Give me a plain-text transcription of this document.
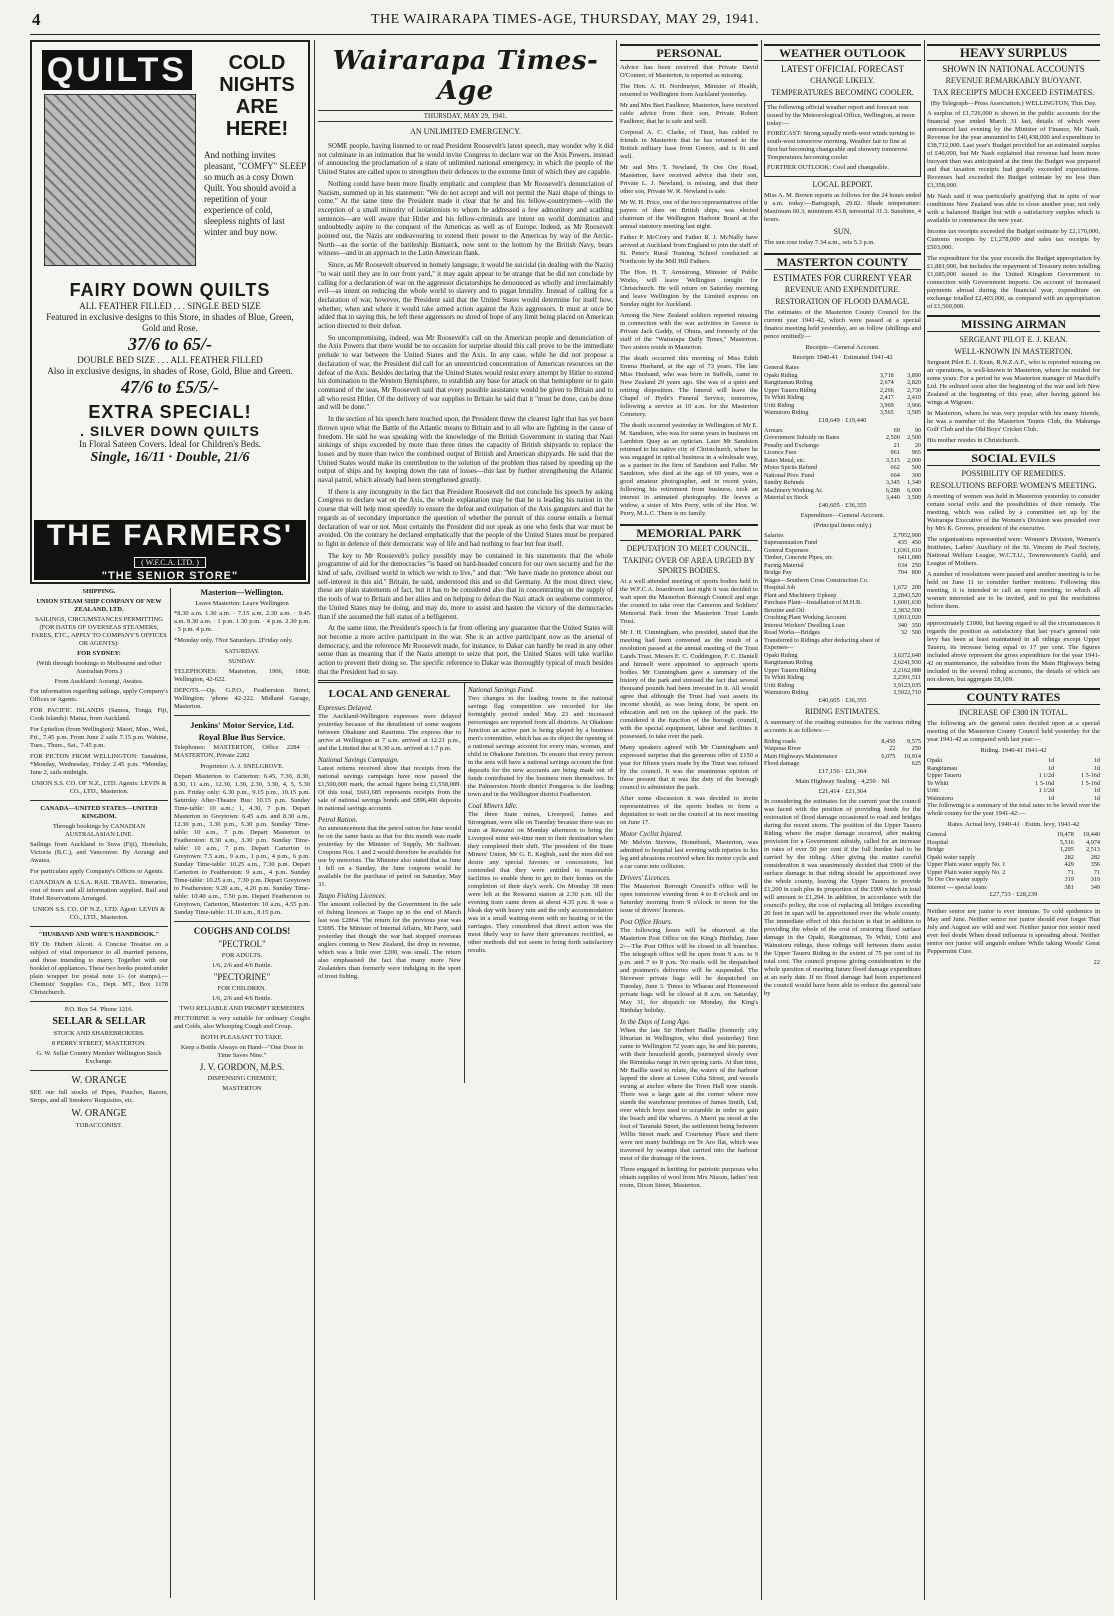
4	THE WAIRARAPA TIMES-AGE, THURSDAY, MAY 29, 1941.
QUILTS	COLD NIGHTS ARE HERE!
And nothing invites pleasant, "COMFY" SLEEP so much as a cosy Down Quilt. You should avoid a repetition of your experience of cold, sleepless nights of last winter and buy now.
FAIRY DOWN QUILTS
ALL FEATHER FILLED . . . SINGLE BED SIZE
Featured in exclusive designs to this Store, in shades of Blue, Green, Gold and Rose.
37/6 to 65/-
DOUBLE BED SIZE . . . ALL FEATHER FILLED
Also in exclusive designs, in shades of Rose, Gold, Blue and Green.
47/6 to £5/5/-
EXTRA SPECIAL!
. SILVER DOWN QUILTS
In Floral Sateen Covers. Ideal for Children's Beds.
Single, 16/11 · Double, 21/6
THE FARMERS'
( W.F.C.A. LTD. )
"THE SENIOR STORE"
SHIPPING.
UNION STEAM SHIP COMPANY OF NEW ZEALAND, LTD.

SAILINGS, CIRCUMSTANCES PERMITTING (FOR DATES OF OVERSEAS STEAMERS, FARES, ETC., APPLY TO COMPANY'S OFFICES OR AGENTS):

FOR SYDNEY:

(With through bookings to Melbourne and other Australian Ports.)

From Auckland: Aorangi, Awatea.

For information regarding sailings, apply Company's Offices or Agents.

FOR PACIFIC ISLANDS (Samoa, Tonga, Fiji, Cook Islands): Matua, from Auckland.

For Lyttelton (from Wellington): Maori, Mon., Wed., Fri., 7.45 p.m. From June 2 sails 7.15 p.m. Wahine, Tues., Thurs., Sat., 7.45 p.m.

FOR PICTON FROM WELLINGTON: Tamahine, *Monday, Wednesday, Friday 2.45 p.m. *Monday, June 2, sails midnight.

UNION S.S. CO. OF N.Z., LTD. Agents: LEVIN & CO., LTD., Masterton.

CANADA—UNITED STATES—UNITED KINGDOM.

Through bookings by CANADIAN AUSTRALASIAN LINE.

Sailings from Auckland to Suva (Fiji), Honolulu, Victoria (B.C.), and Vancouver. By Aorangi and Awatea.

For particulars apply Company's Offices or Agents.

CANADIAN & U.S.A. RAIL TRAVEL. Itineraries, cost of tours and all information supplied. Rail and Hotel Reservations Arranged.

UNION S.S. CO. OF N.Z., LTD. Agent: LEVIN & CO., LTD., Masterton.

"HUSBAND AND WIFE'S HANDBOOK."

BY Dr. Hubert Alcott. A Concise Treatise on a subject of vital importance to all married persons, and those intending to marry. Together with our booklet of appliances. These two books posted under plain wrapper for postal note 1/- (or stamps).—Chemists' Supplies Co., Dept. MT., Box 1178 Christchurch.

P.O. Box 54. 'Phone 1216.

SELLAR & SELLAR

STOCK AND SHAREBROKERS.

8 PERRY STREET, MASTERTON.

G. W. Sellar Country Member Wellington Stock Exchange.

W. ORANGE

SEE our full stocks of Pipes, Pouches, Razors, Strops, and all Smokers' Requisites, etc.

W. ORANGE

TOBACCONIST.

Masterton—Wellington.

Leave Masterton: Leave Wellington

*8.30 a.m. 1.30 a.m. · 7.15 a.m. 2.30 a.m. · 9.45 a.m. 8.30 a.m. · 1 p.m. 1.30 p.m. · 4 p.m. 2.30 p.m. · 5 p.m. 4 p.m.

*Monday only. †Not Saturdays. ‡Friday only.

SATURDAY.

SUNDAY.

TELEPHONES: Masterton, 1906, 1868; Wellington, 42-622.

DEPOTS.—Op. G.P.O., Featherston Street, Wellington; 'phone 42-222. Midland Garage, Masterton.

Jenkins' Motor Service, Ltd.
Royal Blue Bus Service.

Telephones: MASTERTON, Office 2284 · MASTERTON, Private 2282

Proprietor: A. J. SNELGROVE.

Depart Masterton to Carterton: 6.45, 7.30, 8.30, 8.30, 11 a.m., 12.30, 1.30, 2.30, 3.30, 4, 5, 5.30 p.m. Friday only: 6.30 p.m., 9.15 p.m., 10.15 p.m. Saturday After-Theatre Bus: 10.15 p.m. Sunday Time-table: 10 a.m.; 1, 4.30, 7 p.m. Depart Masterton to Greytown: 6.45 a.m. and 8.30 a.m., 12.30 p.m., 3.30 p.m., 5.30 p.m. Sunday Time-table: 10 a.m., 7 p.m. Depart Masterton to Featherston: 8.30 a.m., 3.30 p.m. Sunday Time-table: 10 a.m., 7 p.m. Depart Carterton to Greytown: 7.5 a.m., 9 a.m., 1 p.m., 4 p.m., 6 p.m. Sunday Time-table: 10.25 a.m., 7.30 p.m. Depart Carterton to Featherston: 9 a.m., 4 p.m. Sunday Time-table: 10.25 a.m., 7.30 p.m. Depart Greytown to Featherston: 9.20 a.m., 4.20 p.m. Sunday Time-table: 10.40 a.m., 7.50 p.m. Depart Featherston to Greytown, Carterton, Masterton: 10 a.m., 4.55 p.m. Sunday Time-table: 11.10 a.m., 8.15 p.m.

COUGHS AND COLDS!
"PECTROL"

FOR ADULTS.

1/6, 2/6 and 4/6 Bottle.

"PECTORINE"

FOR CHILDREN.

1/6, 2/6 and 4/6 Bottle.

TWO RELIABLE AND PROMPT REMEDIES

PECTORINE is very suitable for ordinary Coughs and Colds, also Whooping Cough and Croup.

BOTH PLEASANT TO TAKE.

Keep a Bottle Always on Hand—"One Dose in Time Saves Nine."

J. V. GORDON, M.P.S.

DISPENSING CHEMIST,

MASTERTON

Wairarapa Times-Age
THURSDAY, MAY 29, 1941.
AN UNLIMITED EMERGENCY.

SOME people, having listened to or read President Roosevelt's latest speech, may wonder why it did not culminate in an intimation that he would invite Congress to declare war on the Axis Powers, instead of announcing the proclamation of a state of unlimited national emergency, in which the people of the United States are called upon to strengthen their defences to the extreme limit of which they are capable.

Nothing could have been more finally emphatic and complete than Mr Roosevelt's denunciation of Nazism, summed up in his statement: "We do not accept and will not permit the Nazi shape of things to come." At the same time the President made it clear that he and his fellow-countrymen—with the exception of a small minority of isolationists to whom he addressed a few admonitory and scathing sentences—are well aware that Hitler and his fellow-criminals are intent on world domination and undoubtedly aspire to the conquest of the Americas as well as of Europe. Indeed, as Mr Roosevelt pointed out, the Nazis are endeavouring to extend their power to the Americas by way of the Arctic-North—as the sortie of the battleship Bismarck, now sent to the bottom by the British Navy, bears witness—and in an approach to the Latin American flank.

Since, as Mr Roosevelt observed in homely language, it would be suicidal (in dealing with the Nazis) "to wait until they are in our front yard," it may again appear to be strange that he did not conclude by calling for a declaration of war on the aggressor dictatorships he denounced as wholly and irreclaimably evil—as intent on reducing the whole world to slavery and to pagan brutality. Instead of calling for a declaration of war, however, the President said that the United States would determine for itself how, whether, when and where it would take armed action against the Axis aggressors. It must at once be added that in saying this, he left these aggressors no shred of hope of any limit being placed on American action directed to their defeat.

So uncompromising, indeed, was Mr Roosevelt's call on the American people and denunciation of the Axis Powers that there would be no occasion for surprise should this call prove to be the immediate prelude to war between the United States and the Axis. In any case, while he did not propose a declaration of war, the President did call for an unrestricted concentration of American resources on the defeat of the Axis. Besides declaring that the United States would resist every attempt by Hitler to extend his domination to the Western Hemisphere, to establish any base for attack on that hemisphere or to gain command of the seas, Mr Roosevelt said that every possible assistance would be given to Britain and to all who resist Hitler. Of the delivery of war supplies to Britain he said that it "must be done, can be done and will be done."

In the section of his speech here touched upon, the President threw the clearest light that has yet been thrown upon what the Battle of the Atlantic means to Britain and to all who are fighting in the cause of freedom. He said he was speaking with the knowledge of the British Government in stating that Nazi sinkings of ships exceeded by more than three times the capacity of British shipyards to replace the losses and by more than twice the combined output of British and American shipyards. He said that the United States would make its contribution to the solution of the problem thus raised by speeding up the output of ships and by keeping down the rate of losses—this last by further strengthening the Atlantic naval patrol, which already had been strengthened greatly.

If there is any incongruity in the fact that President Roosevelt did not conclude his speech by asking Congress to declare war on the Axis, the whole explanation may be that he is leading his nation in the course that will help most speedily to ensure the defeat and extirpation of the Axis gangsters and that he regards as of secondary importance the question of whether the pursuit of this course entails a formal declaration of war or not. Most certainly the President did not speak as one who feels that war must be avoided. On the contrary he declared emphatically that the people of the United States must be prepared to fight in defence of their democratic way of life and had nothing to fear but fear itself.

The key to Mr Roosevelt's policy possibly may be contained in his statements that the whole programme of aid for the democracies "is based on hard-headed concern for our own security and for the kind of safe, civilised world in which we wish to live," and that: "We have made no pretence about our self-interest in this aid." Britain, he said, understood this and so did Germany. At the most direct view, these are plain statements of fact, but it has to be considered also that in concentrating on the supply of the tools of war to Britain and her allies and on helping to defeat the Nazi attack on seaborne commerce, the United States may be doing, and may do, more to assist and hasten the victory of the democracies than if she assumed the full status of a belligerent.

At the same time, the President's speech is far from offering any guarantee that the United States will not become a more active participant in the war. She is an active participant now as the arsenal of democracy, and the reference Mr Roosevelt made, for instance, to Dakar can hardly be read in any other sense than as meaning that if the Nazis attempt to seize that port, the United States will take warlike action to prevent their doing so. The specific reference to Dakar was thoroughly typical of much besides that the President had to say.

LOCAL AND GENERAL
Expresses Delayed.

The Auckland-Wellington expresses were delayed yesterday because of the derailment of some wagons between Ohakune and Raurimu. The express due to arrive at Wellington at 7 a.m. arrived at 12.21 p.m., and the Limited due at 9.30 a.m. arrived at 1.7 p.m.

National Savings Campaign.

Latest returns received show that receipts from the national savings campaign have now passed the £1,500,000 mark, the actual figure being £1,558,089. Of this total, £661,685 represents receipts from the sale of national savings bonds and £896,400 deposits in national savings accounts.

Petrol Ration.

An announcement that the petrol ration for June would be on the same basis as that for this month was made yesterday by the Minister of Supply, Mr Sullivan. Coupons Nos. 1 and 2 would therefore be available for use by motorists. The Minister also stated that as June 1 fell on a Sunday, the June coupons would be available for the purchase of petrol on Saturday, May 31.

Taupo Fishing Licences.

The amount collected by the Government in the sale of fishing licences at Taupo up to the end of March last was £2864. The return for the previous year was £3095. The Minister of Internal Affairs, Mr Parry, said yesterday that though the war had stopped overseas anglers coming to New Zealand, the drop in revenue, which was a little over £200, was small. The return also emphasised the fact that many more New Zealanders than formerly were indulging in the sport of trout fishing.

National Savings Fund.

Two changes in the leading towns in the national savings flag competition are recorded for the fortnightly period ended May 23 and increased percentages are reported from all districts. At Ohakune Junction an active part is being played by a business men's committee, which has as its object the opening of a national savings account for every man, woman, and child in Ohakune Junction. To ensure that every person in the area will have a national savings account the first deposits for the new accounts are being made out of funds contributed by the business men themselves. In the Palmerston North district Pongaroa is the leading town and in the Wellington district Featherston.

Coal Miners Idle.

The three State mines, Liverpool, James and Strongman, were idle on Tuesday because there was no train at Rewanui on Monday afternoon to bring the Liverpool mine wet-time men to their destination when they completed their shift. The president of the State Miners' Union, Mr G. E. Keglish, said the men did not desire any special favours or concessions, but contended that they were entitled to reasonable facilities to enable them to get to their homes on the completion of their day's work. On Monday 38 men were left at the Rewanui station at 2.30 p.m. till the evening train came down at about 4.35 p.m. It was a bleak day with heavy rain and the only accommodation was in a small waiting-room with no heating or in the carriages. They considered that direct action was the most likely way to have their grievances rectified, as other methods did not seem to bring forth satisfactory results.

PERSONAL

Advice has been received that Private David O'Connor, of Masterton, is reported as missing.

The Hon. A. H. Nordmeyer, Minister of Health, returned to Wellington from Auckland yesterday.

Mr and Mrs Bert Faulknor, Masterton, have received cable advice from their son, Private Robert Faulknor, that he is safe and well.

Corporal A. C. Clarke, of Tinui, has cabled to friends in Masterton that he has returned to the British military base from Greece, and is fit and well.

Mr and Mrs T. Newland, Te Ore Ore Road, Masterton, have received advice that their son, Private L. J. Newland, is missing, and that their other son, Private W. R. Newland is safe.

Mr W. H. Price, one of the two representatives of the payers of dues on British ships, was elected chairman of the Wellington Harbour Board at the annual statutory meeting last night.

Father P. McCrory and Father R. J. McNally have arrived at Auckland from England to join the staff of St. Peter's Rural Training School conducted at Northcote by the Mill Hill Fathers.

The Hon. H. T. Armstrong, Minister of Public Works, will leave Wellington tonight for Christchurch. He will return on Saturday morning and leave Wellington by the Limited express on Sunday night for Auckland.

Among the New Zealand soldiers reported missing in connection with the war activities in Greece is Private Jack Gaddy, of Ohura, and formerly of the staff of the "Wairarapa Daily Times," Masterton. Two sisters reside in Masterton.

The death occurred this morning of Miss Edith Emma Husband, at the age of 73 years. The late Miss Husband, who was born in Suffolk, came to New Zealand 29 years ago. She was of a quiet and retiring disposition. The funeral will leave the Chapel of Hyde's Funeral Service, tomorrow, following a service at 10 a.m. for the Masterton Cemetery.

The death occurred yesterday in Wellington of Mr E. M. Sandston, who was for some years in business on Lambton Quay as an optician. Later Mr Sandston returned to his native city of Christchurch, where he was engaged in optical business in a wholesale way, as a partner in the firm of Sandston and Falke. Mr Sandston, who died at the age of 69 years, was a good amateur photographer, and in recent years, following his retirement from business, took an interest in animated photography. He leaves a widow, a sister of Mrs Perry, wife of the Hon. W. Perry, M.L.C. There is no family.

MEMORIAL PARK
DEPUTATION TO MEET COUNCIL.
TAKING OVER OF AREA URGED BY SPORTS BODIES.

At a well attended meeting of sports bodies held in the W.F.C.A. boardroom last night it was decided to wait upon the Masterton Borough Council and urge the council to take over the Cameron and Soldiers' Memorial Park from the Masterton Trust Lands Trust.

Mr J. H. Cunningham, who presided, stated that the meeting had been convened as the result of a resolution passed at the annual meeting of the Trust Lands Trust. Messrs E. C. Coddington, F. C. Daniell and himself were appointed to approach sports bodies. Mr Cunningham gave a summary of the history of the park and stressed the fact that several thousand pounds had been invested in it. All would agree that although the Trust had vast assets its income should, as was being done, be spent on education and not on the upkeep of the park. He considered it the function of the borough council, with the special equipment, labour and facilities it possessed, to take over the park.

Many speakers agreed with Mr Cunningham and expressed surprise that the generous offer of £150 a year for fifteen years made by the Trust was refused by the council. It was the unanimous opinion of those present that it was the duty of the borough council to administer the park.

After some discussion it was decided to invite representatives of the sports bodies to form a deputation to wait on the council at its next meeting on June 17.

Motor Cyclist Injured.

Mr Melvin Stevens, Homebush, Masterton, was admitted to hospital last evening with injuries to his leg and abrasions received when his motor cycle and a car came into collision.

Drivers' Licences.

The Masterton Borough Council's office will be open tomorrow evening from 4 to 8 o'clock and on Saturday morning from 9 o'clock to noon for the issue of drivers' licences.

Post Office Hours.

The following hours will be observed at the Masterton Post Office on the King's Birthday, June 2:—The Post Office will be closed in all branches. The telegraph office will be open from 9 a.m. to 9 p.m. and 7 to 8 p.m. No mails will be despatched and postmen's deliveries will be suspended. The Sievewer private bags will be despatched on Tuesday, June 3. Times to Wharau and Homewood private bags will be closed at 8 a.m. on Saturday, May 31, for dispatch on Monday, the King's Birthday holiday.

In the Days of Long Ago.

When the late Sir Herbert Baillie (formerly city librarian in Wellington, who died yesterday) first came to Wellington 72 years ago, he and his parents, with their household goods, journeyed slowly over the Rimutaka range in two spring carts. At that time, Mr Baillie used to relate, the waters of the harbour lapped the shore at Lower Cuba Street, and vessels swung at anchor where the Town Hall now stands. There was a large gate at the corner where now stands the warehouse premises of James Smith, Ltd, over which boys used to scramble in order to gain the beach and the wharves. A Maori pa stood at the foot of Taranaki Street, the settlement being between Willis Street mark and Courtenay Place and there were not many buildings on Te Aro flat, which was traversed by swamps that carried into the harbour most of the drainage of the town.

Three engaged in knitting for patriotic purposes who obtain supplies of wool from Mrs Nisson, ladies' rest room, Dixon Street, Masterton.

WEATHER OUTLOOK
LATEST OFFICIAL FORECAST
CHANGE LIKELY.
TEMPERATURES BECOMING COOLER.

The following official weather report and forecast was issued by the Meteorological Office, Wellington, at noon today:—

FORECAST: Strong squally north-west winds turning to south-west tomorrow morning. Weather fair to fine at first but becoming changeable and showery tomorrow. Temperatures becoming cooler.

FURTHER OUTLOOK: Cool and changeable.

LOCAL REPORT.

Miss A. M. Brown reports as follows for the 24 hours ended 9 a.m. today:—Barograph, 29.82. Shade temperature: Maximum 60.3, minimum 43.8, terrestrial 31.3. Sunshine, 4 hours.

SUN.

The sun rose today 7.34 a.m., sets 5.3 p.m.

MASTERTON COUNTY
ESTIMATES FOR CURRENT YEAR
REVENUE AND EXPENDITURE.
RESTORATION OF FLOOD DAMAGE.

The estimates of the Masterton County Council for the current year 1941-42, which were passed at a special finance meeting held yesterday, are as follow (shillings and pence omitted):—

Receipts—General Account.
Receipts 1940-41 · Estimated 1941-42
General Rates		
Opaki Riding	3,718	3,890
Rangitumau Riding	2,674	2,820
Upper Taueru Riding	2,266	2,730
Te Whiti Riding	2,417	2,410
Uriti Riding	3,969	3,966
Wainuioru Riding	3,565	3,585
£18,649 · £19,440
Arrears	69	90
Government Subsidy on Rates	2,500	2,500
Penalty and Exchange	21	20
Licence Fees	961	965
Rates Metal, etc.	3,515	2,000
Motor Spirits Refund	662	500
National Prov. Fund	664	300
Sundry Refunds	3,345	1,340
Machinery Working Ac.	6,288	6,000
Material ex Stock	3,440	3,500
£40,605 · £36,355
Expenditure—General Account.
(Principal items only.)
Salaries	2,795	2,900
Superannuation Fund	435	450
General Expenses	1,636	1,610
Timber, Concrete Pipes, etc.	641	1,080
Paving Material	634	250
Bridge Pay	704	800
Wages—Southern Cross Construction Co.		
Hospital Job	1,672	200
Plant and Machinery Upkeep	2,284	3,520
Purchase Plant—Installation of M.H.B.	1,600	1,630
Benzine and Oil	2,383	2,500
Crushing Plant Working Account	3,001	3,020
Interest Workers' Dwelling Loan	340	350
Road Works—Bridges	32	500
Transferred to Ridings after deducting share of Expenses—		
Opaki Riding	3,637	2,640
Rangitumau Riding	2,624	1,930
Upper Taueru Riding	2,216	2,088
Te Whiti Riding	2,239	1,511
Uriti Riding	3,912	3,035
Wainuioru Riding	3,502	2,710
£40,605 · £36,355
RIDING ESTIMATES.

A summary of the roading estimates for the various riding accounts is as follows:—

Riding roads	8,450	9,575
Waipoua River	22	250
Main Highways Maintenance	6,075	10,914
Flood damage		625
£17,156 · £21,364
Main Highway Sealing · 4,250 · Nil
£21,414 · £21,364

In considering the estimates for the current year the council was faced with the position of providing funds for the restoration of flood damage occasioned to road and bridges during the recent storm. The position of the Upper Taueru Riding where the major damage occurred, after making provision for a Government subsidy, called for an increase in rates of over 50 per cent if the full burden had to be carried by the riding. After giving the matter careful consideration it was unanimously decided that £900 of the surface damage in that riding should be apportioned over the whole county, leaving the Upper Taueru to provide £1,200 in cash plus its proportion of the £900 which in total will amount to £1,294. In addition, in accordance with the council's policy, the cost of replacing all bridges exceeding 20 feet in span will be apportioned over the whole county. The immediate effect of this decision is that in addition to providing the whole of the cost of restoring flood surface damage in the Opaki, Rangitumau, Te Whiti, Uriti and Wainuioru ridings, these ridings will between them assist the Upper Taueru Riding to the extent of 75 per cent of its total cost. The council propose giving consideration to the whole question of meeting future flood damage expenditure at an early date. If no flood damage had been experienced the council would have been able to reduce the general rate by

HEAVY SURPLUS
SHOWN IN NATIONAL ACCOUNTS
REVENUE REMARKABLY BUOYANT.
TAX RECEIPTS MUCH EXCEED ESTIMATES.

(By Telegraph—Press Association.) WELLINGTON, This Day.

A surplus of £1,726,000 is shown in the public accounts for the financial year ended March 31 last, details of which were announced last evening by the Minister of Finance, Mr Nash. Revenue for the year amounted to £40,438,000 and expenditure to £38,712,000. Last year's Budget provided for an estimated surplus of £46,000, but Mr Nash explained that revenue had been more buoyant than was anticipated at the time the Budget was prepared and that taxation receipts had greatly exceeded expectations. Revenues had exceeded the Budget estimate by no less than £3,358,000.

Mr Nash said it was particularly gratifying that in spite of war conditions New Zealand was able to close another year, not only with a balanced Budget but with a satisfactory surplus which is available to commence the new year.

Income tax receipts exceeded the Budget estimate by £2,170,000, Customs receipts by £1,278,000 and sales tax receipts by £503,000.

The expenditure for the year exceeds the Budget appropriation by £1,881,000, but includes the repayment of Treasury notes totalling £1,685,000 issued to the United Kingdom Government in connection with Government imports. On account of increased payments abroad during the financial year, expenditure on exchange totalled £2,403,000, as compared with an appropriation of £1,560,000.

MISSING AIRMAN
SERGEANT PILOT E. J. KEAN.
WELL-KNOWN IN MASTERTON.

Sergeant Pilot E. J. Kean, R.N.Z.A.F., who is reported missing on air operations, is well-known in Masterton, where he resided for some years. For a period he was Masterton manager of Macduff's Ltd. He enlisted soon after the beginning of the war and left New Zealand at the beginning of this year, after having gained his wings at Wigram.

In Masterton, where he was very popular with his many friends, he was a member of the Masterton Tennis Club, the Mahunga Golf Club and the Old Boys' Cricket Club.

His mother resides in Christchurch.

SOCIAL EVILS
POSSIBILITY OF REMEDIES.
RESOLUTIONS BEFORE WOMEN'S MEETING.

A meeting of women was held in Masterton yesterday to consider certain social evils and the possibilities of their remedy. The meeting, which was called by a committee set up by the Wairarapa Executive of the Women's Division was presided over by Mrs K. Groves, president of the executive.

The organisations represented were: Women's Division, Women's Institutes, Ladies' Auxiliary of the St. Vincent de Paul Society, National Welfare League, W.C.T.U., Townswomen's Guild, and League of Mothers.

A number of resolutions were passed and another meeting is to be held on June 11 to consider further motions. Following this meeting, it is intended to call an open meeting, to which all women interested are to be invited, and to put the resolutions before them.

approximately £1000, but having regard to all the circumstances it regards the position as satisfactory that last year's general rate levy has been at least maintained in all ridings except Upper Taueru, its increase being equal to 17 per cent. The figures included above represent the gross expenditure for the year 1941-42 on maintenance, the subsidies from the Main Highways being included in the several riding accounts, the details of which are not shown, but aggregate £8,109.

COUNTY RATES
INCREASE OF £300 IN TOTAL.

The following are the general rates decided upon at a special meeting of the Masterton County Council held yesterday for the year 1941-42 as compared with last year:—

Riding. 1940-41 1941-42
Opaki	1d	1d
Rangitumau	1d	1d
Upper Taueru	1 1/2d	1 5-16d
Te Whiti	1 5-16d	1 5-16d
Uriti	1 1/2d	1d
Wainuioru	1d	1d

The following is a summary of the total rates to be levied over the whole county for the year 1941-42:—

Rates. Actual levy, 1940-41 · Estim. levy, 1941-42
General	19,478	19,440
Hospital	5,516	4,974
Bridge	1,295	2,513
Opaki water supply	282	282
Upper Plain water supply No. 1	429	356
Upper Plain water supply No. 2	71	71
Te Ore Ore water supply	319	319
Interest — special loans	381	349
£27,733 · £28,239

Neither senior nor junior is ever immune. To cold epidemics in May and June. Neither senior nor junior should ever forget That July and August are wild and wet. Neither junior nor senior need ever feel doubt When dread influenza is spreading about. Neither senior nor junior will anguish endure While taking Woods' Great Peppermint Cure.

22
